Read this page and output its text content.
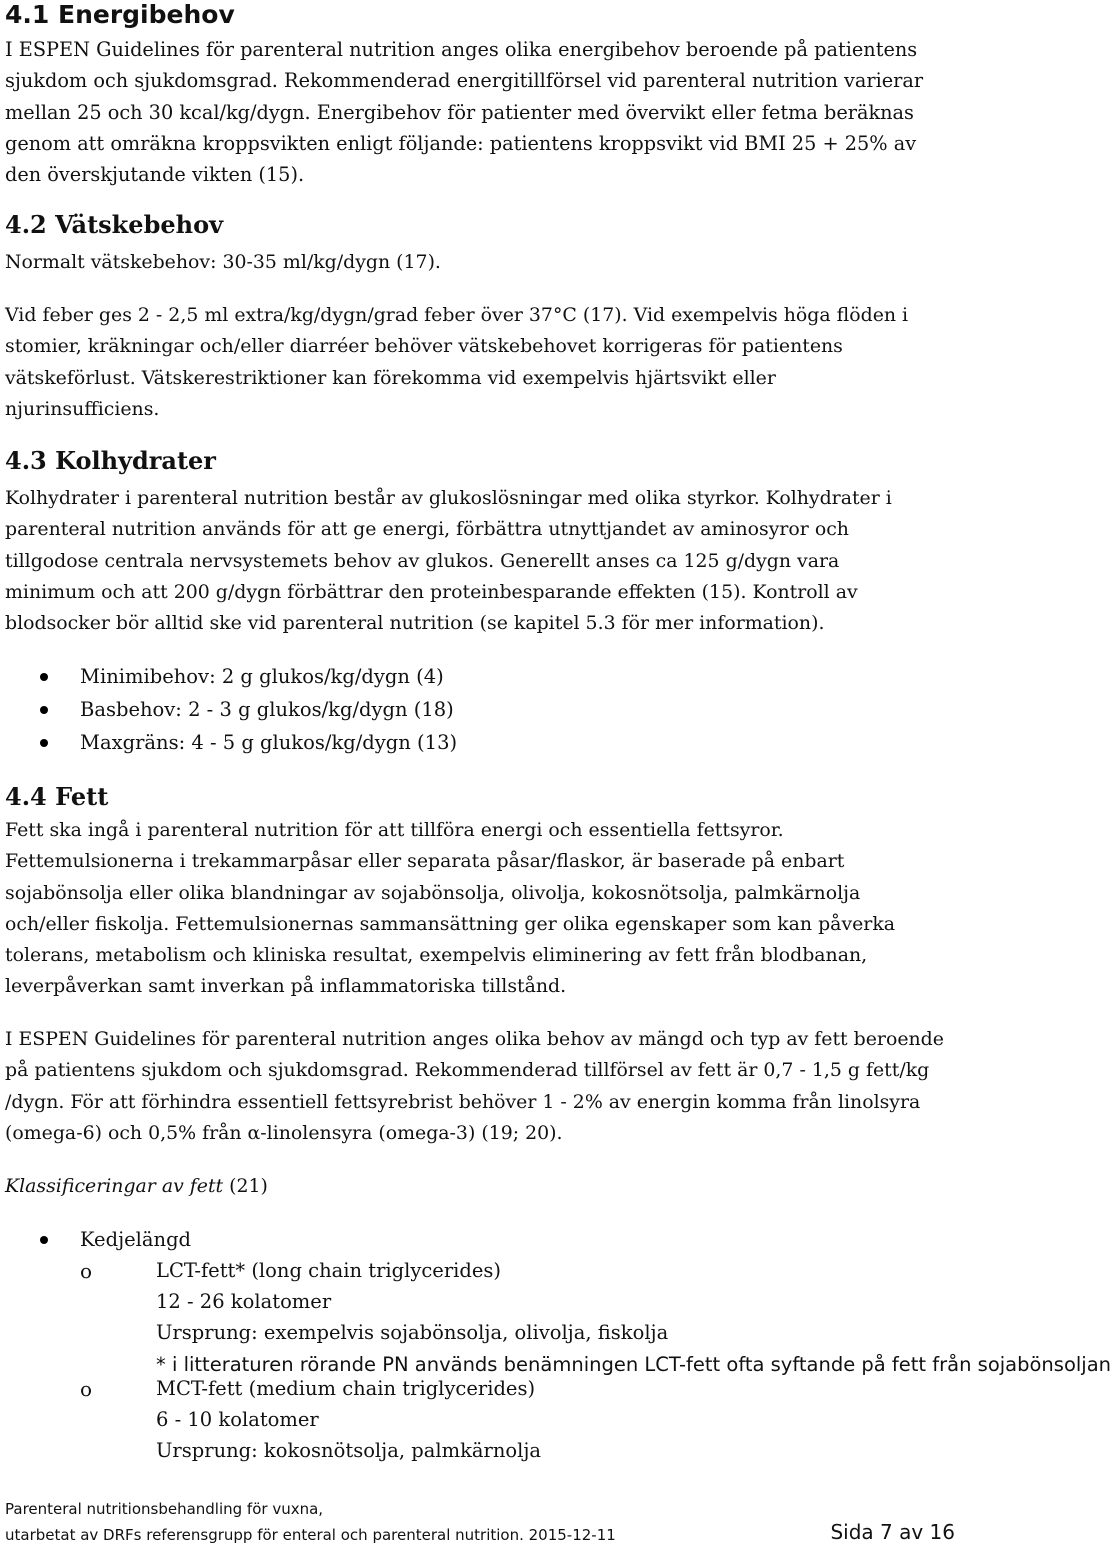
4.1 Energibehov
I ESPEN Guidelines för parenteral nutrition anges olika energibehov beroende på patientens
sjukdom och sjukdomsgrad. Rekommenderad energitillförsel vid parenteral nutrition varierar
mellan 25 och 30 kcal/kg/dygn. Energibehov för patienter med övervikt eller fetma beräknas
genom att omräkna kroppsvikten enligt följande: patientens kroppsvikt vid BMI 25 + 25% av
den överskjutande vikten (15).
4.2 Vätskebehov
Normalt vätskebehov: 30-35 ml/kg/dygn (17).
Vid feber ges 2 - 2,5 ml extra/kg/dygn/grad feber över 37°C (17). Vid exempelvis höga flöden i
stomier, kräkningar och/eller diarréer behöver vätskebehovet korrigeras för patientens
vätskeförlust. Vätskerestriktioner kan förekomma vid exempelvis hjärtsvikt eller
njurinsufficiens.
4.3 Kolhydrater
Kolhydrater i parenteral nutrition består av glukoslösningar med olika styrkor. Kolhydrater i
parenteral nutrition används för att ge energi, förbättra utnyttjandet av aminosyror och
tillgodose centrala nervsystemets behov av glukos. Generellt anses ca 125 g/dygn vara
minimum och att 200 g/dygn förbättrar den proteinbesparande effekten (15). Kontroll av
blodsocker bör alltid ske vid parenteral nutrition (se kapitel 5.3 för mer information).
Minimibehov: 2 g glukos/kg/dygn (4)
Basbehov: 2 - 3 g glukos/kg/dygn (18)
Maxgräns: 4 - 5 g glukos/kg/dygn (13)
4.4 Fett
Fett ska ingå i parenteral nutrition för att tillföra energi och essentiella fettsyror.
Fettemulsionerna i trekammarpåsar eller separata påsar/flaskor, är baserade på enbart
sojabönsolja eller olika blandningar av sojabönsolja, olivolja, kokosnötsolja, palmkärnolja
och/eller fiskolja. Fettemulsionernas sammansättning ger olika egenskaper som kan påverka
tolerans, metabolism och kliniska resultat, exempelvis eliminering av fett från blodbanan,
leverpåverkan samt inverkan på inflammatoriska tillstånd.
I ESPEN Guidelines för parenteral nutrition anges olika behov av mängd och typ av fett beroende
på patientens sjukdom och sjukdomsgrad. Rekommenderad tillförsel av fett är 0,7 - 1,5 g fett/kg
/dygn. För att förhindra essentiell fettsyrebrist behöver 1 - 2% av energin komma från linolsyra
(omega-6) och 0,5% från α-linolensyra (omega-3) (19; 20).
Klassificeringar av fett (21)
Kedjelängd
o	LCT-fett* (long chain triglycerides)
12 - 26 kolatomer
Ursprung: exempelvis sojabönsolja, olivolja, fiskolja
* i litteraturen rörande PN används benämningen LCT-fett ofta syftande på fett från sojabönsoljan
o	MCT-fett (medium chain triglycerides)
6 - 10 kolatomer
Ursprung: kokosnötsolja, palmkärnolja
Parenteral nutritionsbehandling för vuxna,
utarbetat av DRFs referensgrupp för enteral och parenteral nutrition. 2015-12-11	Sida 7 av 16
